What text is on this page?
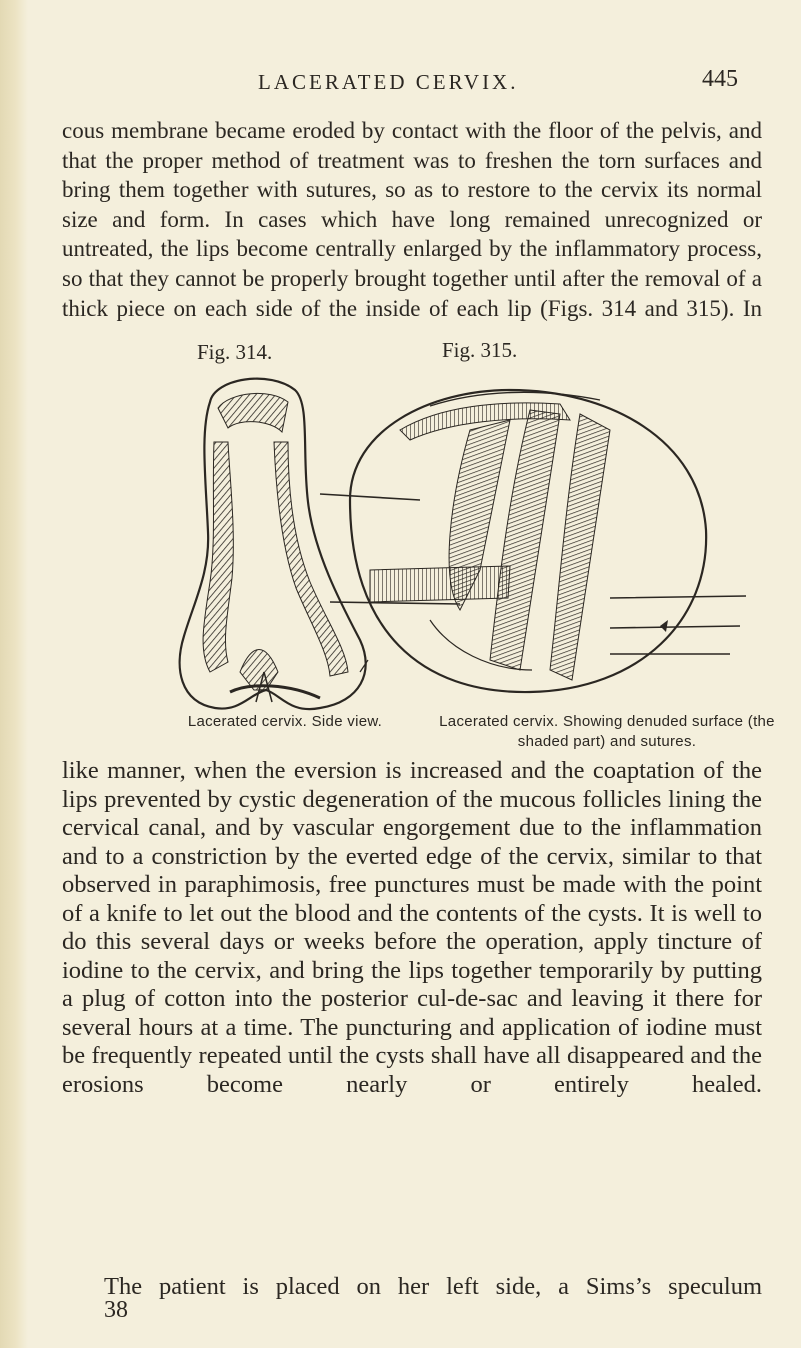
LACERATED CERVIX.	445

cous membrane became eroded by contact with the floor of the pelvis, and that the proper method of treatment was to freshen the torn surfaces and bring them together with sutures, so as to restore to the cervix its normal size and form. In cases which have long remained unrecognized or untreated, the lips become centrally enlarged by the inflammatory process, so that they cannot be properly brought together until after the removal of a thick piece on each side of the inside of each lip (Figs. 314 and 315). In

Fig. 314.	Fig. 315.
Lacerated cervix. Side view.	Lacerated cervix. Showing denuded surface (the shaded part) and sutures.

like manner, when the eversion is increased and the coaptation of the lips prevented by cystic degeneration of the mucous follicles lining the cervical canal, and by vascular engorgement due to the inflammation and to a constriction by the everted edge of the cervix, similar to that observed in paraphimosis, free punctures must be made with the point of a knife to let out the blood and the contents of the cysts. It is well to do this several days or weeks before the operation, apply tincture of iodine to the cervix, and bring the lips together temporarily by putting a plug of cotton into the posterior cul-de-sac and leaving it there for several hours at a time. The puncturing and application of iodine must be frequently repeated until the cysts shall have all disappeared and the erosions become nearly or entirely healed.

The patient is placed on her left side, a Sims’s speculum

38
